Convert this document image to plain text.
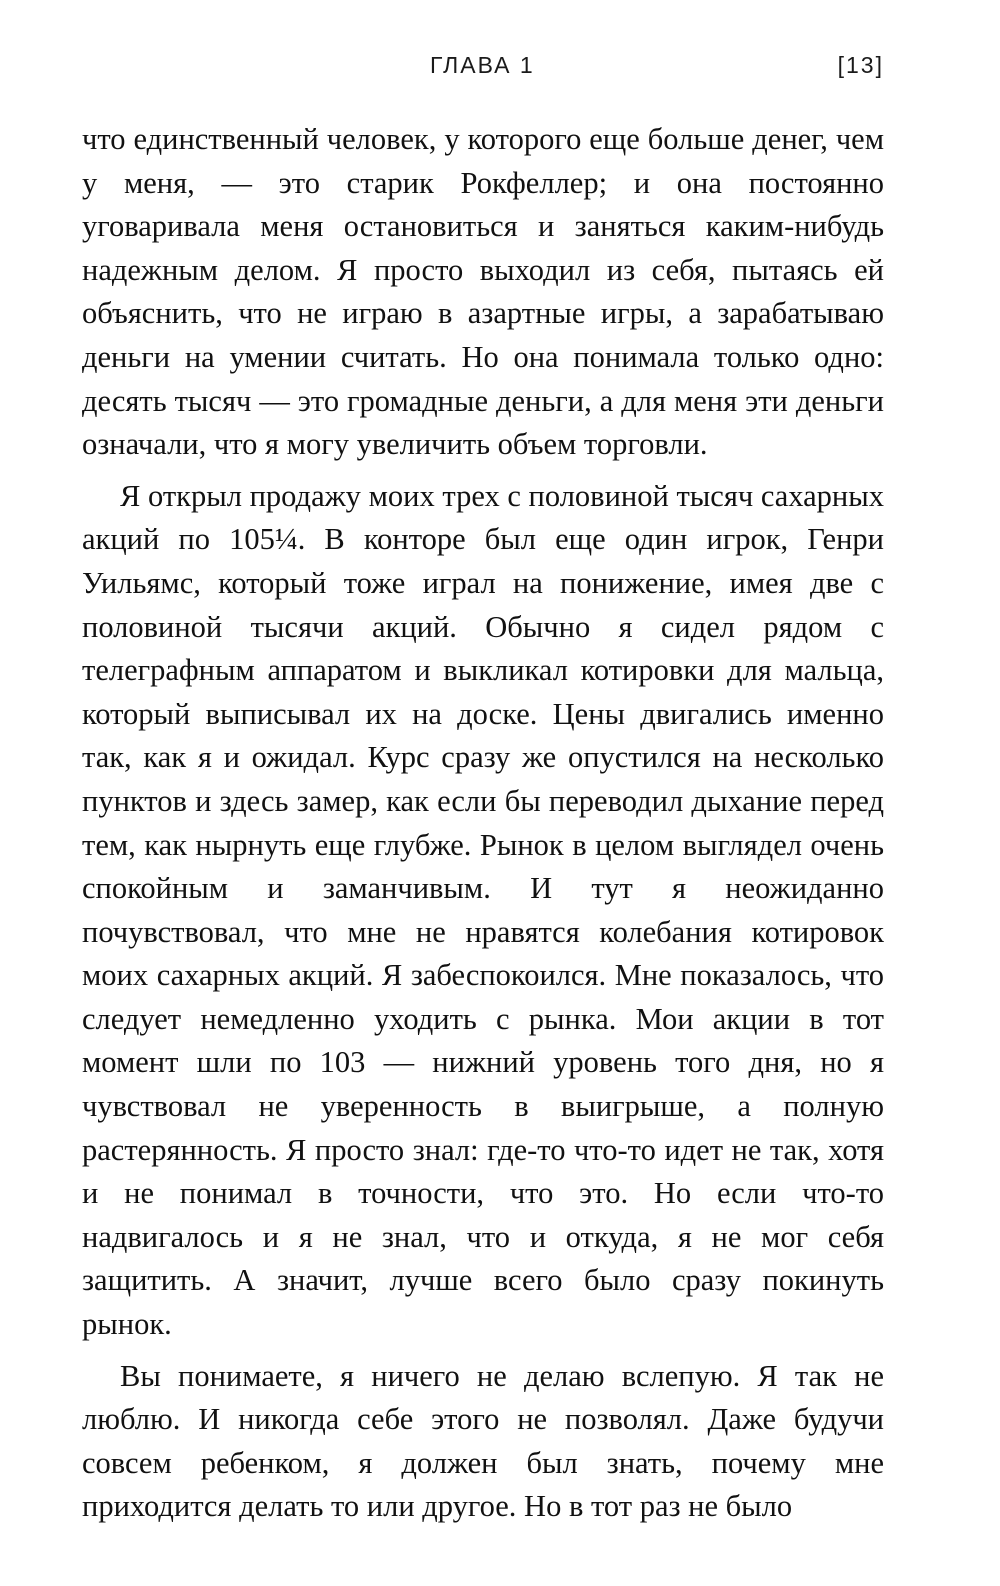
ГЛАВА 1	[13]

что единственный человек, у которого еще больше денег, чем у меня, — это старик Рокфеллер; и она постоянно уговаривала меня остановиться и заняться каким-нибудь надежным делом. Я просто выходил из себя, пытаясь ей объяснить, что не играю в азартные игры, а зарабатываю деньги на умении считать. Но она понимала только одно: десять тысяч — это громадные деньги, а для меня эти деньги означали, что я могу увеличить объем торговли.

Я открыл продажу моих трех с половиной тысяч сахарных акций по 105¼. В конторе был еще один игрок, Генри Уильямс, который тоже играл на понижение, имея две с половиной тысячи акций. Обычно я сидел рядом с телеграфным аппаратом и выкликал котировки для мальца, который выписывал их на доске. Цены двигались именно так, как я и ожидал. Курс сразу же опустился на несколько пунктов и здесь замер, как если бы переводил дыхание перед тем, как нырнуть еще глубже. Рынок в целом выглядел очень спокойным и заманчивым. И тут я неожиданно почувствовал, что мне не нравятся колебания котировок моих сахарных акций. Я забеспокоился. Мне показалось, что следует немедленно уходить с рынка. Мои акции в тот момент шли по 103 — нижний уровень того дня, но я чувствовал не уверенность в выигрыше, а полную растерянность. Я просто знал: где-то что-то идет не так, хотя и не понимал в точности, что это. Но если что-то надвигалось и я не знал, что и откуда, я не мог себя защитить. А значит, лучше всего было сразу покинуть рынок.

Вы понимаете, я ничего не делаю вслепую. Я так не люблю. И никогда себе этого не позволял. Даже будучи совсем ребенком, я должен был знать, почему мне приходится делать то или другое. Но в тот раз не было
